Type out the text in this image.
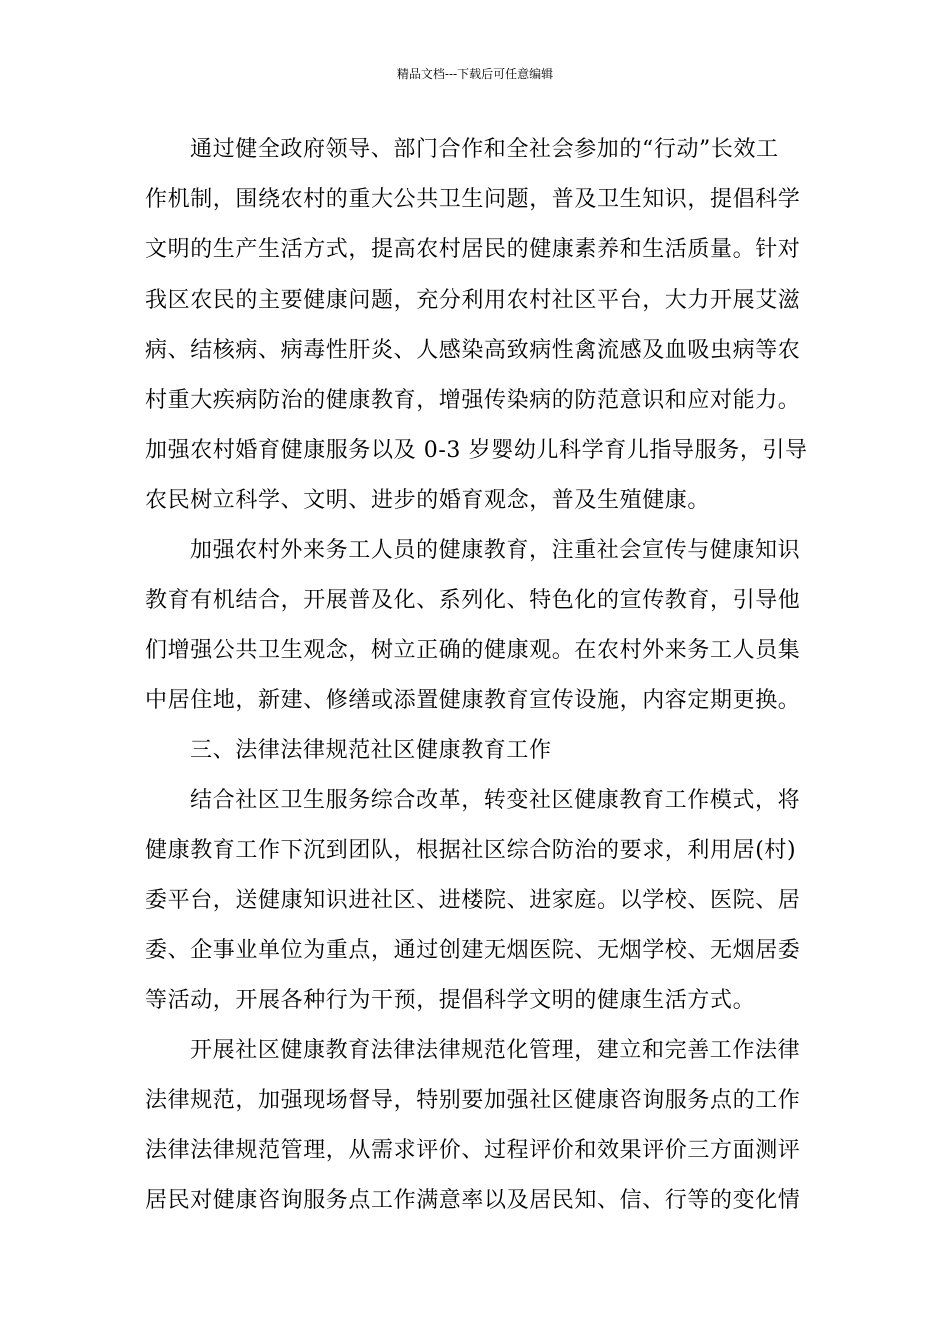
精品文档---下载后可任意编辑
通过健全政府领导、部门合作和全社会参加的“行动”长效工
作机制，围绕农村的重大公共卫生问题，普及卫生知识，提倡科学
文明的生产生活方式，提高农村居民的健康素养和生活质量。针对
我区农民的主要健康问题，充分利用农村社区平台，大力开展艾滋
病、结核病、病毒性肝炎、人感染高致病性禽流感及血吸虫病等农
村重大疾病防治的健康教育，增强传染病的防范意识和应对能力。
加强农村婚育健康服务以及 0-3 岁婴幼儿科学育儿指导服务，引导
农民树立科学、文明、进步的婚育观念，普及生殖健康。
加强农村外来务工人员的健康教育，注重社会宣传与健康知识
教育有机结合，开展普及化、系列化、特色化的宣传教育，引导他
们增强公共卫生观念，树立正确的健康观。在农村外来务工人员集
中居住地，新建、修缮或添置健康教育宣传设施，内容定期更换。
三、法律法律规范社区健康教育工作
结合社区卫生服务综合改革，转变社区健康教育工作模式，将
健康教育工作下沉到团队，根据社区综合防治的要求，利用居(村)
委平台，送健康知识进社区、进楼院、进家庭。以学校、医院、居
委、企事业单位为重点，通过创建无烟医院、无烟学校、无烟居委
等活动，开展各种行为干预，提倡科学文明的健康生活方式。
开展社区健康教育法律法律规范化管理，建立和完善工作法律
法律规范，加强现场督导，特别要加强社区健康咨询服务点的工作
法律法律规范管理，从需求评价、过程评价和效果评价三方面测评
居民对健康咨询服务点工作满意率以及居民知、信、行等的变化情
